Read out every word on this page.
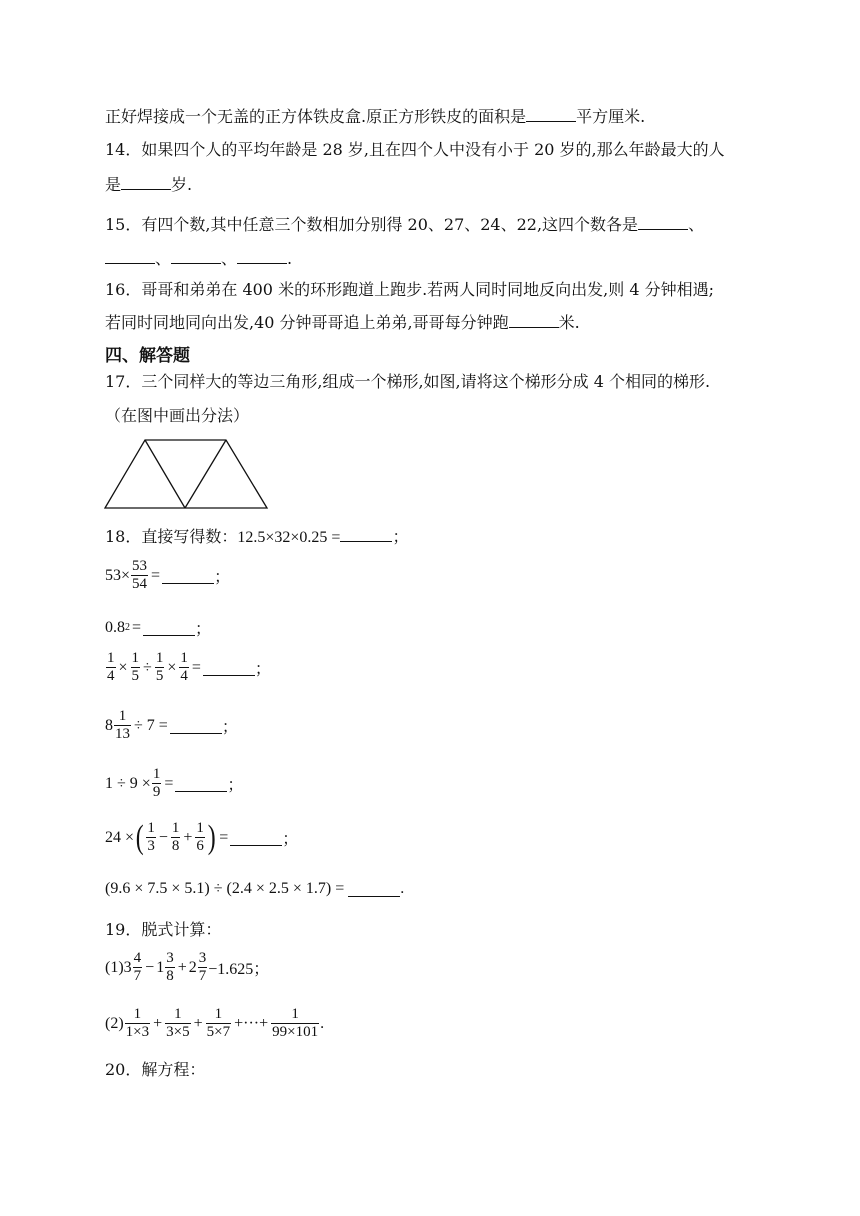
正好焊接成一个无盖的正方体铁皮盒.原正方形铁皮的面积是	平方厘米.
14．如果四个人的平均年龄是 28 岁,且在四个人中没有小于 20 岁的,那么年龄最大的人
是	岁.
15．有四个数,其中任意三个数相加分别得 20、27、24、22,这四个数各是	、
、	、	.
16．哥哥和弟弟在 400 米的环形跑道上跑步.若两人同时同地反向出发,则 4 分钟相遇;
若同时同地同向出发,40 分钟哥哥追上弟弟,哥哥每分钟跑	米.
四、解答题
17．三个同样大的等边三角形,组成一个梯形,如图,请将这个梯形分成 4 个相同的梯形.
（在图中画出分法）
18．直接写得数：12.5×32×0.25 =	；
$53\times \frac{53}{54}$ =	；
0.8 2 =	；
$\frac{1}{4} \times \frac{1}{5} \div \frac{1}{5} \times \frac{1}{4}$ =	；
$8 \frac{1}{13} \div 7$ =	；
$1 \div 9 \times \frac{1}{9}$ =	；
24 × ( $\frac{1}{3} - \frac{1}{8} + \frac{1}{6}$ ) =	；
(9.6 × 7.5 × 5.1) ÷ (2.4 × 2.5 × 1.7) =	.
19．脱式计算：
(1) $3 \frac{4}{7} - 1 \frac{3}{8} + 2 \frac{3}{7} -1.625$；
$(2) \frac{1}{1\times 3} + \frac{1}{3\times 5} + \frac{1}{5\times 7}$ +···+ $\frac{1}{99\times 101}$ .
20．解方程：
